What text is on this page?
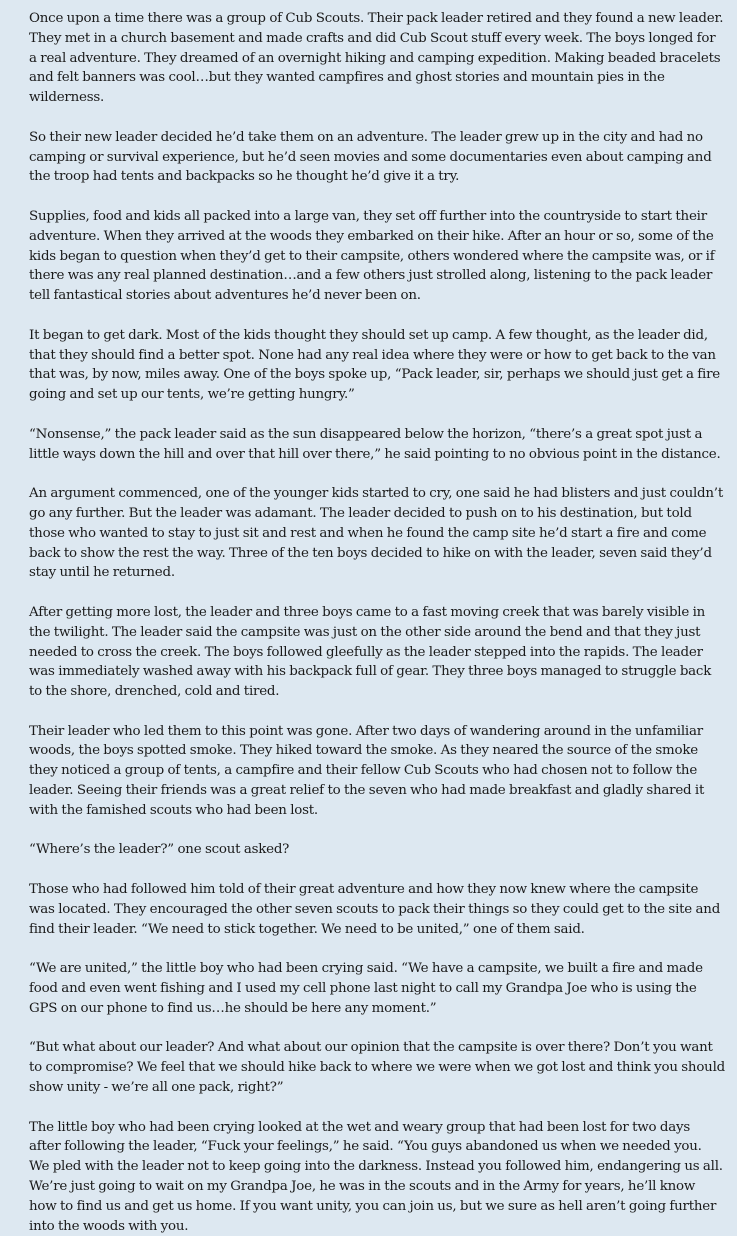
Once upon a time there was a group of Cub Scouts. Their pack leader retired and they found a new leader. They met in a church basement and made crafts and did Cub Scout stuff every week. The boys longed for a real adventure. They dreamed of an overnight hiking and camping expedition. Making beaded bracelets and felt banners was cool…but they wanted campfires and ghost stories and mountain pies in the wilderness.

So their new leader decided he’d take them on an adventure. The leader grew up in the city and had no camping or survival experience, but he’d seen movies and some documentaries even about camping and the troop had tents and backpacks so he thought he’d give it a try.

Supplies, food and kids all packed into a large van, they set off further into the countryside to start their adventure. When they arrived at the woods they embarked on their hike. After an hour or so, some of the kids began to question when they’d get to their campsite, others wondered where the campsite was, or if there was any real planned destination…and a few others just strolled along, listening to the pack leader tell fantastical stories about adventures he’d never been on.

It began to get dark. Most of the kids thought they should set up camp. A few thought, as the leader did, that they should find a better spot. None had any real idea where they were or how to get back to the van that was, by now, miles away. One of the boys spoke up, “Pack leader, sir, perhaps we should just get a fire going and set up our tents, we’re getting hungry.”

“Nonsense,” the pack leader said as the sun disappeared below the horizon, “there’s a great spot just a little ways down the hill and over that hill over there,” he said pointing to no obvious point in the distance.

An argument commenced, one of the younger kids started to cry, one said he had blisters and just couldn’t go any further. But the leader was adamant. The leader decided to push on to his destination, but told those who wanted to stay to just sit and rest and when he found the camp site he’d start a fire and come back to show the rest the way. Three of the ten boys decided to hike on with the leader, seven said they’d stay until he returned.

After getting more lost, the leader and three boys came to a fast moving creek that was barely visible in the twilight. The leader said the campsite was just on the other side around the bend and that they just needed to cross the creek. The boys followed gleefully as the leader stepped into the rapids. The leader was immediately washed away with his backpack full of gear. They three boys managed to struggle back to the shore, drenched, cold and tired.

Their leader who led them to this point was gone. After two days of wandering around in the unfamiliar woods, the boys spotted smoke. They hiked toward the smoke. As they neared the source of the smoke they noticed a group of tents, a campfire and their fellow Cub Scouts who had chosen not to follow the leader. Seeing their friends was a great relief to the seven who had made breakfast and gladly shared it with the famished scouts who had been lost.

“Where’s the leader?” one scout asked?

Those who had followed him told of their great adventure and how they now knew where the campsite was located. They encouraged the other seven scouts to pack their things so they could get to the site and find their leader. “We need to stick together. We need to be united,” one of them said.

“We are united,” the little boy who had been crying said. “We have a campsite, we built a fire and made food and even went fishing and I used my cell phone last night to call my Grandpa Joe who is using the GPS on our phone to find us…he should be here any moment.”

“But what about our leader? And what about our opinion that the campsite is over there? Don’t you want to compromise? We feel that we should hike back to where we were when we got lost and think you should show unity - we’re all one pack, right?”

The little boy who had been crying looked at the wet and weary group that had been lost for two days after following the leader, “Fuck your feelings,” he said. “You guys abandoned us when we needed you. We pled with the leader not to keep going into the darkness. Instead you followed him, endangering us all. We’re just going to wait on my Grandpa Joe, he was in the scouts and in the Army for years, he’ll know how to find us and get us home. If you want unity, you can join us, but we sure as hell aren’t going further into the woods with you.
